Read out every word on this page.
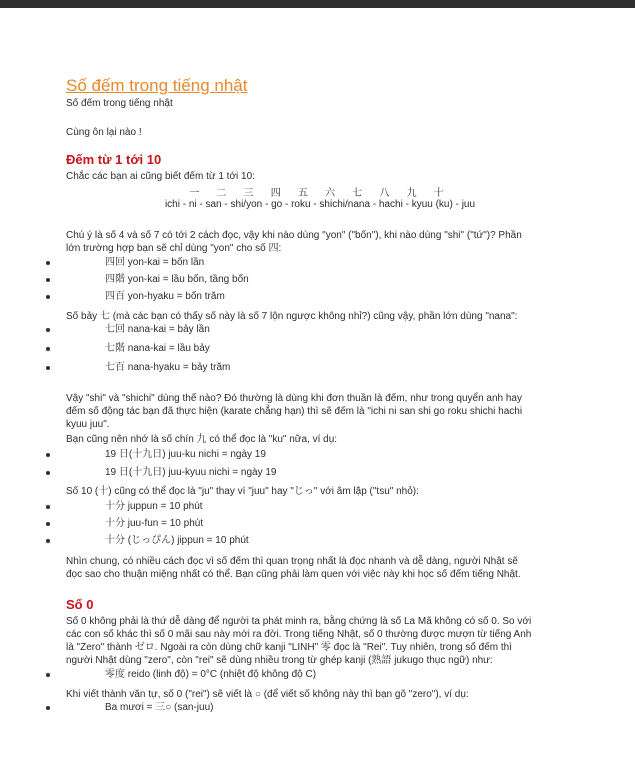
Số đếm trong tiếng nhật

Số đếm trong tiếng nhật

Cùng ôn lại nào !

Đếm từ 1 tới 10

Chắc các bạn ai cũng biết đếm từ 1 tới 10:

一 二 三 四 五 六 七 八 九 十
ichi - ni - san - shi/yon - go - roku - shichi/nana - hachi - kyuu (ku) - juu

Chú ý là số 4 và số 7 có tới 2 cách đọc, vậy khi nào dùng "yon" ("bốn"), khi nào dùng "shi" ("tứ")? Phần

lớn trường hợp bạn sẽ chỉ dùng "yon" cho số 四:

四回 yon-kai = bốn lần

四階 yon-kai = lầu bốn, tầng bốn

四百 yon-hyaku = bốn trăm

Số bảy 七 (mà các bạn có thấy số này là số 7 lộn ngược không nhỉ?) cũng vậy, phần lớn dùng "nana":

七回 nana-kai = bảy lần

七階 nana-kai = lầu bảy

七百 nana-hyaku = bảy trăm

Vậy "shi" và "shichi" dùng thế nào? Đó thường là dùng khi đơn thuần là đếm, như trong quyển anh hay

đếm số động tác bạn đã thực hiện (karate chẳng hạn) thì sẽ đếm là "ichi ni san shi go roku shichi hachi

kyuu juu".

Bạn cũng nên nhớ là số chín 九 có thể đọc là "ku" nữa, ví dụ:

19 日(十九日) juu-ku nichi = ngày 19

19 日(十九日) juu-kyuu nichi = ngày 19

Số 10 (十) cũng có thể đọc là "ju" thay vì "juu" hay "じっ" với âm lặp ("tsu" nhỏ):

十分 juppun = 10 phút

十分 juu-fun = 10 phút

十分 (じっぴん) jippun = 10 phút

Nhìn chung, có nhiều cách đọc vì số đếm thì quan trọng nhất là đọc nhanh và dễ dàng, người Nhật sẽ

đọc sao cho thuận miệng nhất có thể. Bạn cũng phải làm quen với việc này khi học số đếm tiếng Nhật.

Số 0

Số 0 không phải là thứ dễ dàng để người ta phát minh ra, bằng chứng là số La Mã không có số 0. So với

các con số khác thì số 0 mãi sau này mới ra đời. Trong tiếng Nhật, số 0 thường được mượn từ tiếng Anh

là "Zero" thành ゼロ. Ngoài ra còn dùng chữ kanji "LINH" 零 đọc là "Rei". Tuy nhiên, trong số đếm thì

người Nhật dùng "zero", còn "rei" sẽ dùng nhiều trong từ ghép kanji (熟語 jukugo thục ngữ) như:

零度 reido (linh độ) = 0°C (nhiệt độ không độ C)

Khi viết thành văn tự, số 0 ("rei") sẽ viết là ○ (để viết số không này thì bạn gõ "zero"), ví dụ:

Ba mươi = 三○ (san-juu)
